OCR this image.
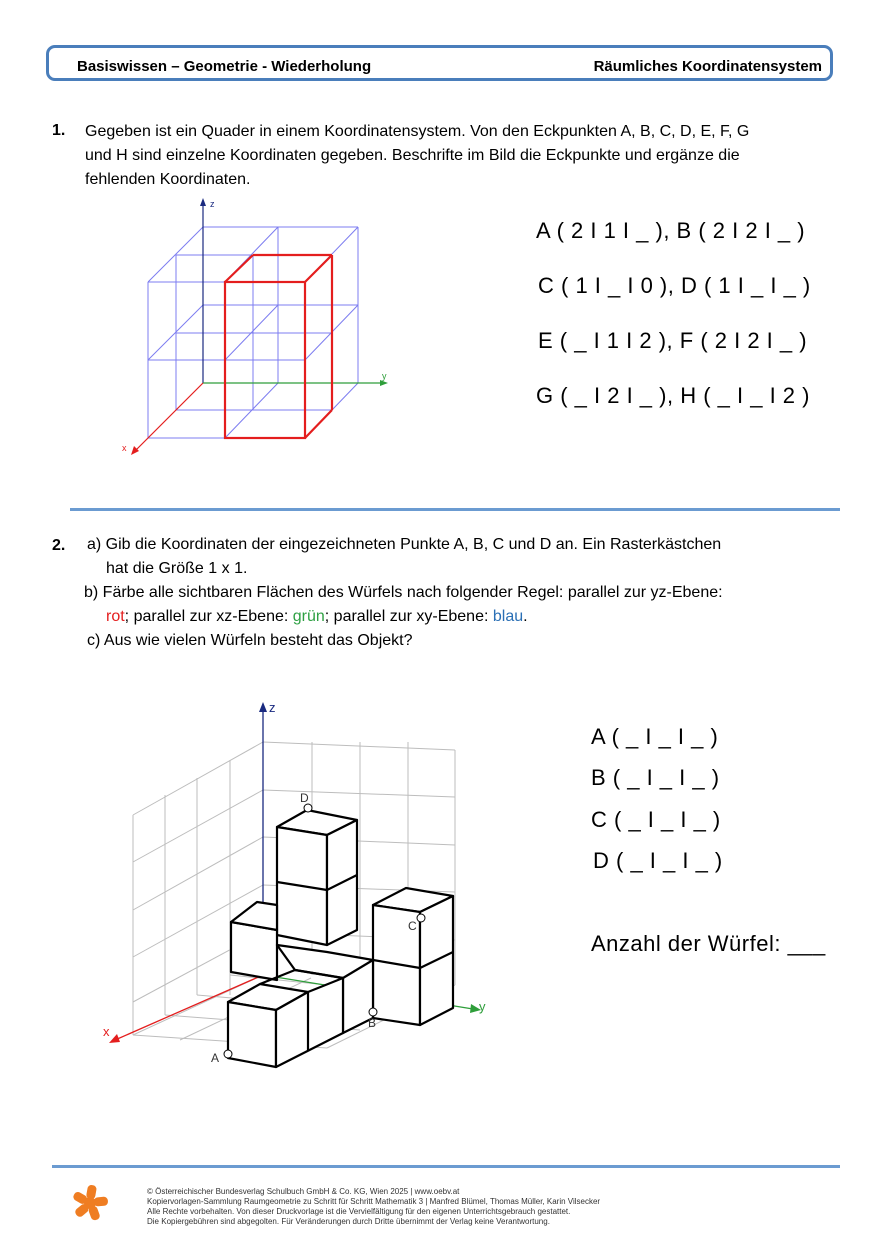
Basiswissen – Geometrie - Wiederholung	Räumliches Koordinatensystem
1. Gegeben ist ein Quader in einem Koordinatensystem. Von den Eckpunkten A, B, C, D, E, F, G
und H sind einzelne Koordinaten gegeben. Beschrifte im Bild die Eckpunkte und ergänze die
fehlenden Koordinaten.
z
y
x
A ( 2 I 1 I _ ), B ( 2 I 2 I _ )
C ( 1 I _ I 0 ), D ( 1 I _ I _ )
E ( _ I 1 I 2 ), F ( 2 I 2 I _ )
G ( _ I 2 I _ ), H ( _ I _ I 2 )
2. a) Gib die Koordinaten der eingezeichneten Punkte A, B, C und D an. Ein Rasterkästchen
hat die Größe 1 x 1.
b) Färbe alle sichtbaren Flächen des Würfels nach folgender Regel: parallel zur yz-Ebene:
rot; parallel zur xz-Ebene: grün; parallel zur xy-Ebene: blau.
c) Aus wie vielen Würfeln besteht das Objekt?
z
y
x
D
C
B
A
A ( _ I _ I _ )
B ( _ I _ I _ )
C ( _ I _ I _ )
D ( _ I _ I _ )
Anzahl der Würfel: ___
© Österreichischer Bundesverlag Schulbuch GmbH & Co. KG, Wien 2025 | www.oebv.at
Kopiervorlagen-Sammlung Raumgeometrie zu Schritt für Schritt Mathematik 3 | Manfred Blümel, Thomas Müller, Karin Vilsecker
Alle Rechte vorbehalten. Von dieser Druckvorlage ist die Vervielfältigung für den eigenen Unterrichtsgebrauch gestattet.
Die Kopiergebühren sind abgegolten. Für Veränderungen durch Dritte übernimmt der Verlag keine Verantwortung.
